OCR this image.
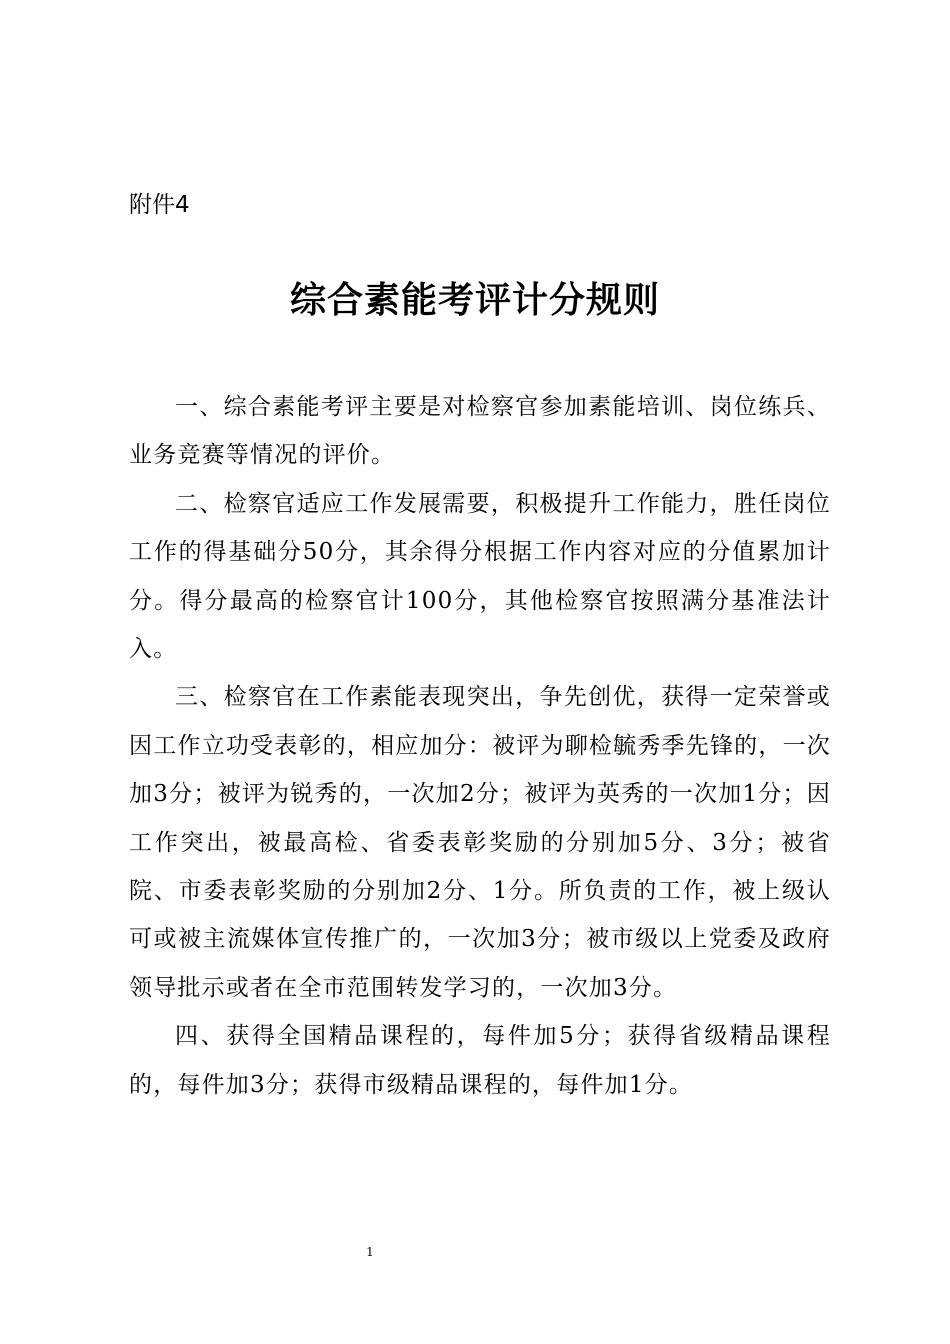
附件4
综合素能考评计分规则

一、综合素能考评主要是对检察官参加素能培训、岗位练兵、业务竞赛等情况的评价。

二、检察官适应工作发展需要，积极提升工作能力，胜任岗位工作的得基础分50分，其余得分根据工作内容对应的分值累加计分。得分最高的检察官计100分，其他检察官按照满分基准法计入。

三、检察官在工作素能表现突出，争先创优，获得一定荣誉或因工作立功受表彰的，相应加分：被评为聊检毓秀季先锋的，一次加3分；被评为锐秀的，一次加2分；被评为英秀的一次加1分；因工作突出，被最高检、省委表彰奖励的分别加5分、3分；被省院、市委表彰奖励的分别加2分、1分。所负责的工作，被上级认可或被主流媒体宣传推广的，一次加3分；被市级以上党委及政府领导批示或者在全市范围转发学习的，一次加3分。

四、获得全国精品课程的，每件加5分；获得省级精品课程的，每件加3分；获得市级精品课程的，每件加1分。

1
